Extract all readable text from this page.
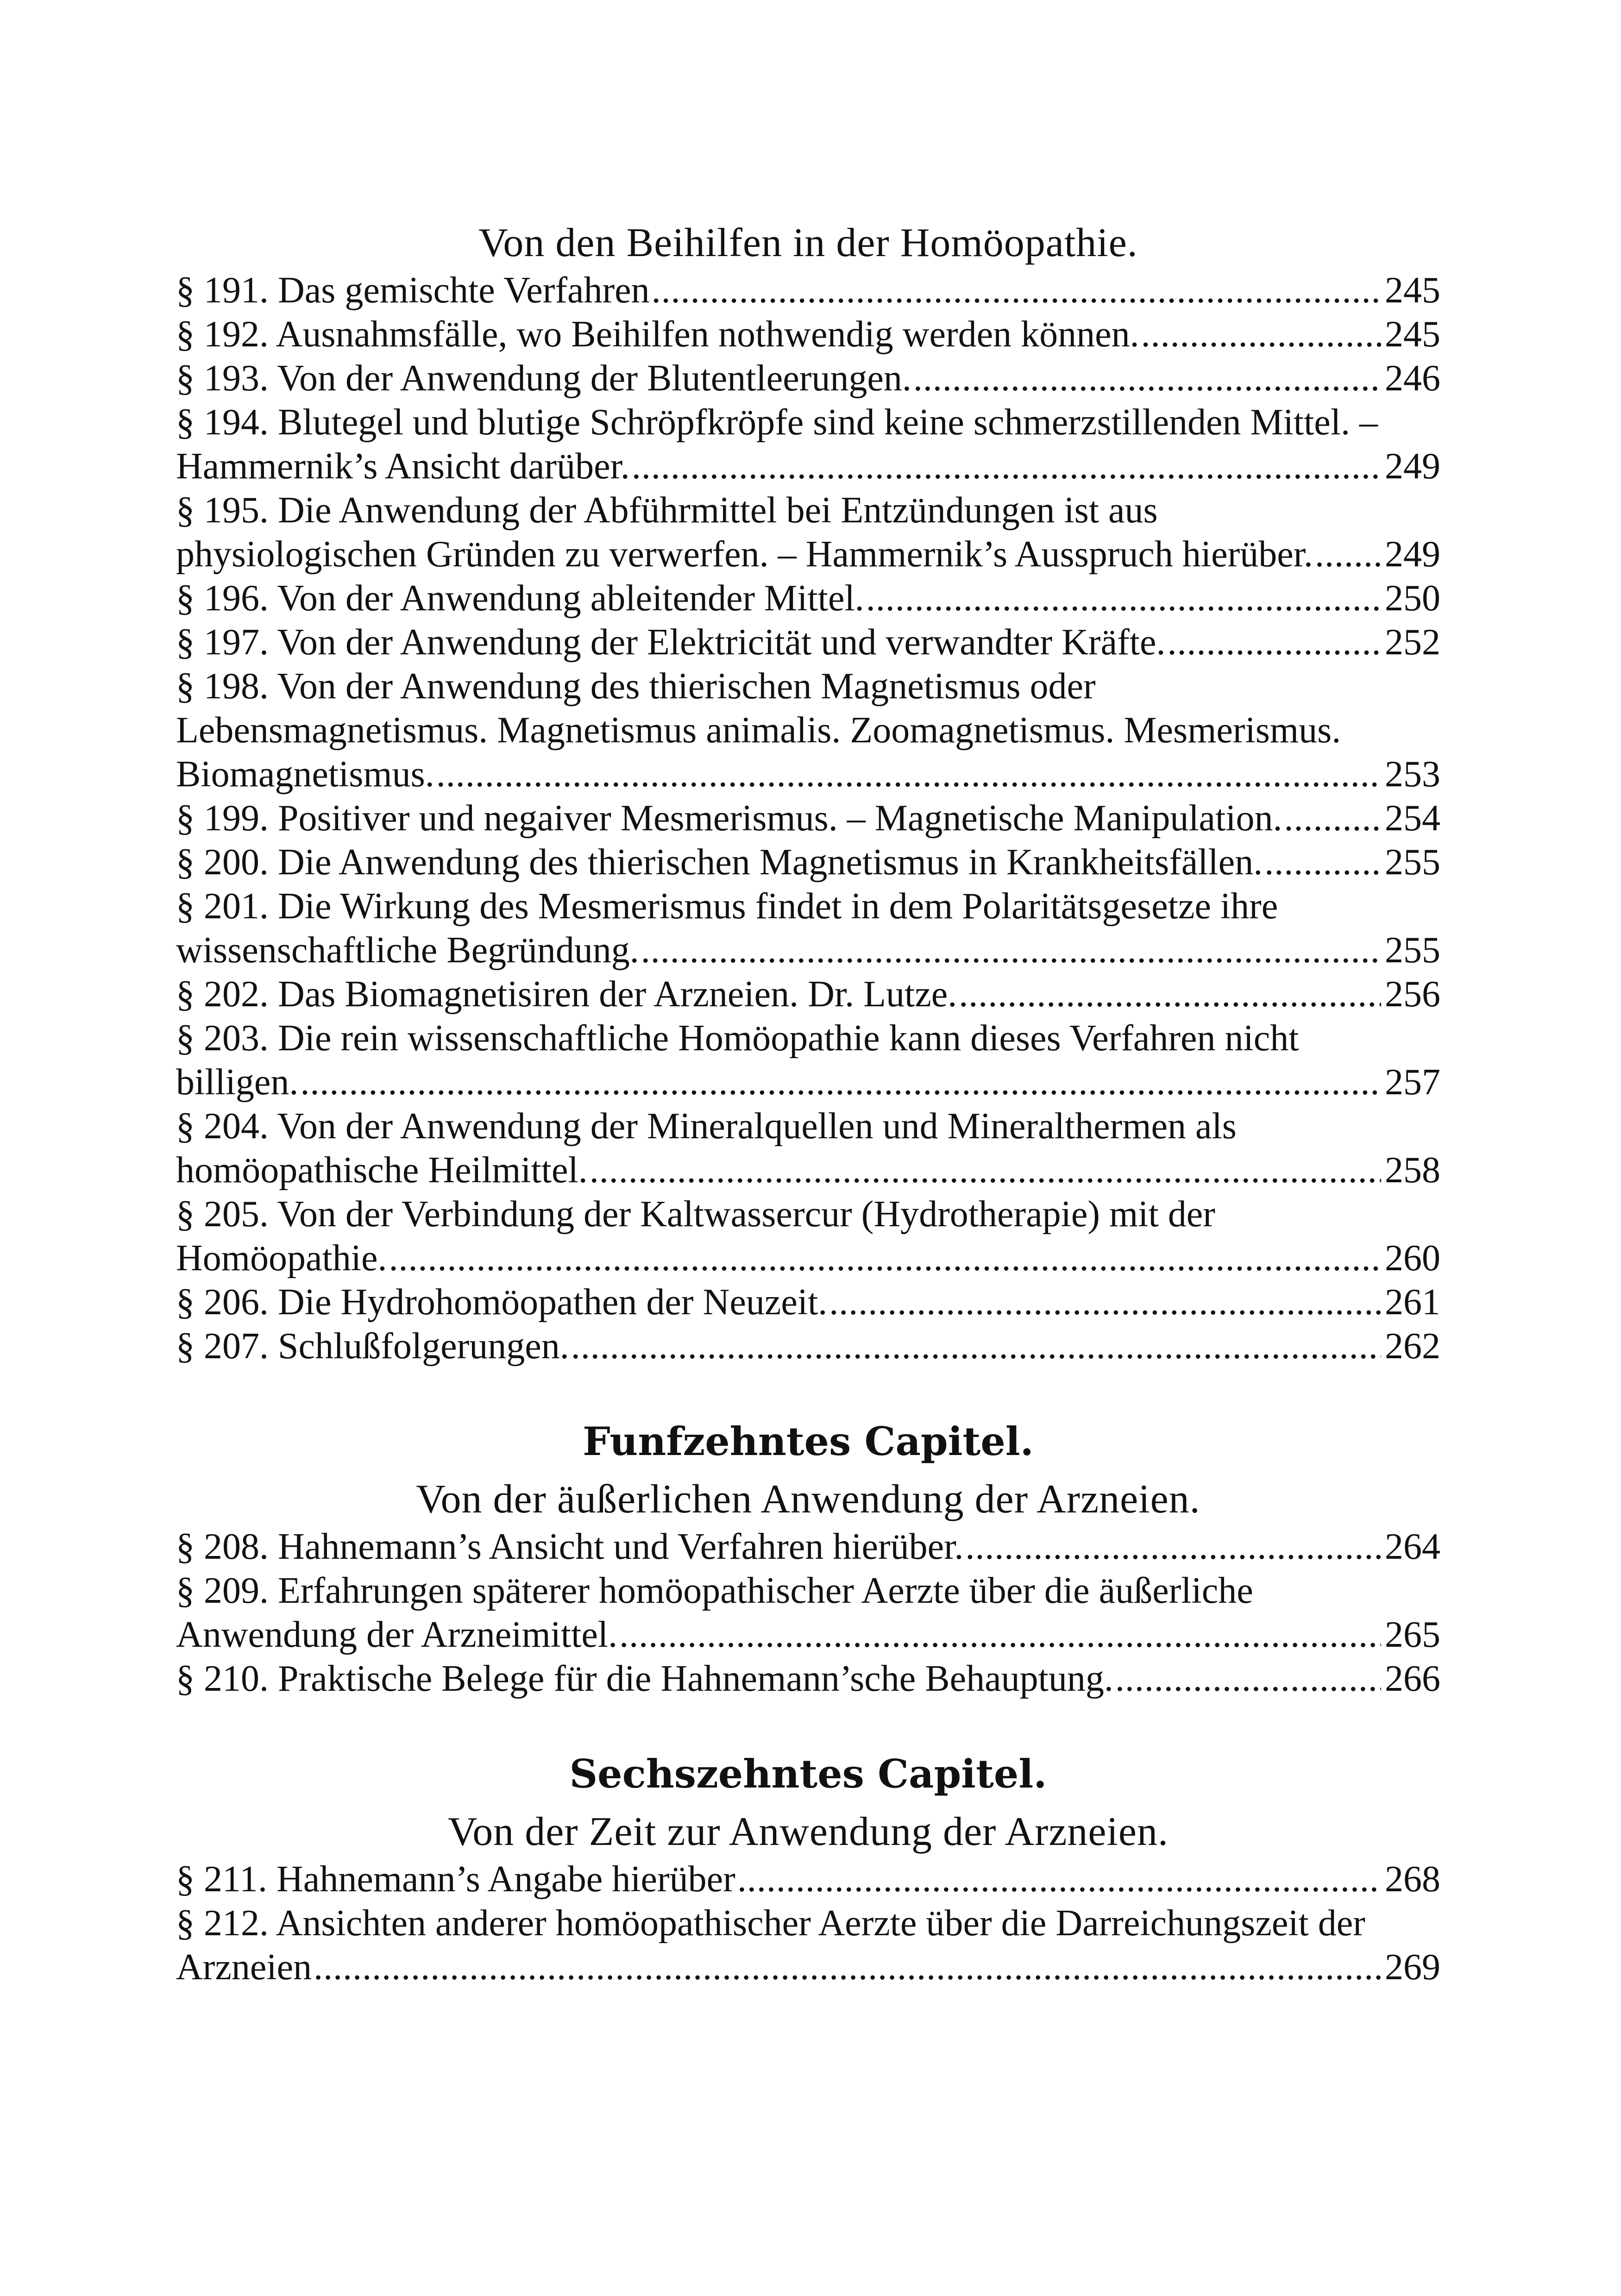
Von den Beihilfen in der Homöopathie.
§ 191. Das gemischte Verfahren .....	245
§ 192. Ausnahmsfälle, wo Beihilfen nothwendig werden können. .....	245
§ 193. Von der Anwendung der Blutentleerungen. .....	246
§ 194. Blutegel und blutige Schröpfkröpfe sind keine schmerzstillenden Mittel. –
Hammernik’s Ansicht darüber. .....	249
§ 195. Die Anwendung der Abführmittel bei Entzündungen ist aus
physiologischen Gründen zu verwerfen. – Hammernik’s Ausspruch hierüber. ..... 249
§ 196. Von der Anwendung ableitender Mittel. .....	250
§ 197. Von der Anwendung der Elektricität und verwandter Kräfte. .....	252
§ 198. Von der Anwendung des thierischen Magnetismus oder
Lebensmagnetismus. Magnetismus animalis. Zoomagnetismus. Mesmerismus.
Biomagnetismus. .....	253
§ 199. Positiver und negaiver Mesmerismus. – Magnetische Manipulation. .....	254
§ 200. Die Anwendung des thierischen Magnetismus in Krankheitsfällen. .....	255
§ 201. Die Wirkung des Mesmerismus findet in dem Polaritätsgesetze ihre
wissenschaftliche Begründung. .....	255
§ 202. Das Biomagnetisiren der Arzneien. Dr. Lutze. .....	256
§ 203. Die rein wissenschaftliche Homöopathie kann dieses Verfahren nicht
billigen. .....	257
§ 204. Von der Anwendung der Mineralquellen und Mineralthermen als
homöopathische Heilmittel. .....	258
§ 205. Von der Verbindung der Kaltwassercur (Hydrotherapie) mit der
Homöopathie. .....	260
§ 206. Die Hydrohomöopathen der Neuzeit. .....	261
§ 207. Schlußfolgerungen. .....	262
Funfzehntes Capitel.
Von der äußerlichen Anwendung der Arzneien.
§ 208. Hahnemann’s Ansicht und Verfahren hierüber. .....	264
§ 209. Erfahrungen späterer homöopathischer Aerzte über die äußerliche
Anwendung der Arzneimittel. .....	265
§ 210. Praktische Belege für die Hahnemann’sche Behauptung. .....	266
Sechszehntes Capitel.
Von der Zeit zur Anwendung der Arzneien.
§ 211. Hahnemann’s Angabe hierüber .....	268
§ 212. Ansichten anderer homöopathischer Aerzte über die Darreichungszeit der
Arzneien .....	269
